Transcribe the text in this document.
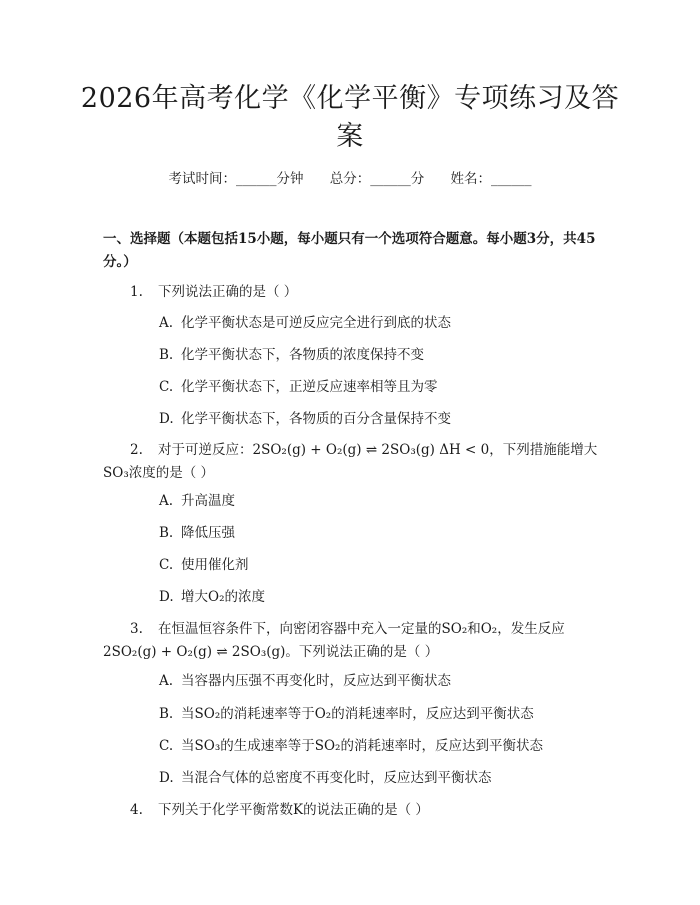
2026年高考化学《化学平衡》专项练习及答案
考试时间：______分钟 总分：______分 姓名：______
一、选择题（本题包括15小题，每小题只有一个选项符合题意。每小题3分，共45分。）
1. 下列说法正确的是（ ）
A. 化学平衡状态是可逆反应完全进行到底的状态
B. 化学平衡状态下，各物质的浓度保持不变
C. 化学平衡状态下，正逆反应速率相等且为零
D. 化学平衡状态下，各物质的百分含量保持不变
2. 对于可逆反应：2SO₂(g) + O₂(g) ⇌ 2SO₃(g) ΔH < 0，下列措施能增大
SO₃浓度的是（ ）
A. 升高温度
B. 降低压强
C. 使用催化剂
D. 增大O₂的浓度
3. 在恒温恒容条件下，向密闭容器中充入一定量的SO₂和O₂，发生反应
2SO₂(g) + O₂(g) ⇌ 2SO₃(g)。下列说法正确的是（ ）
A. 当容器内压强不再变化时，反应达到平衡状态
B. 当SO₂的消耗速率等于O₂的消耗速率时，反应达到平衡状态
C. 当SO₃的生成速率等于SO₂的消耗速率时，反应达到平衡状态
D. 当混合气体的总密度不再变化时，反应达到平衡状态
4. 下列关于化学平衡常数K的说法正确的是（ ）
